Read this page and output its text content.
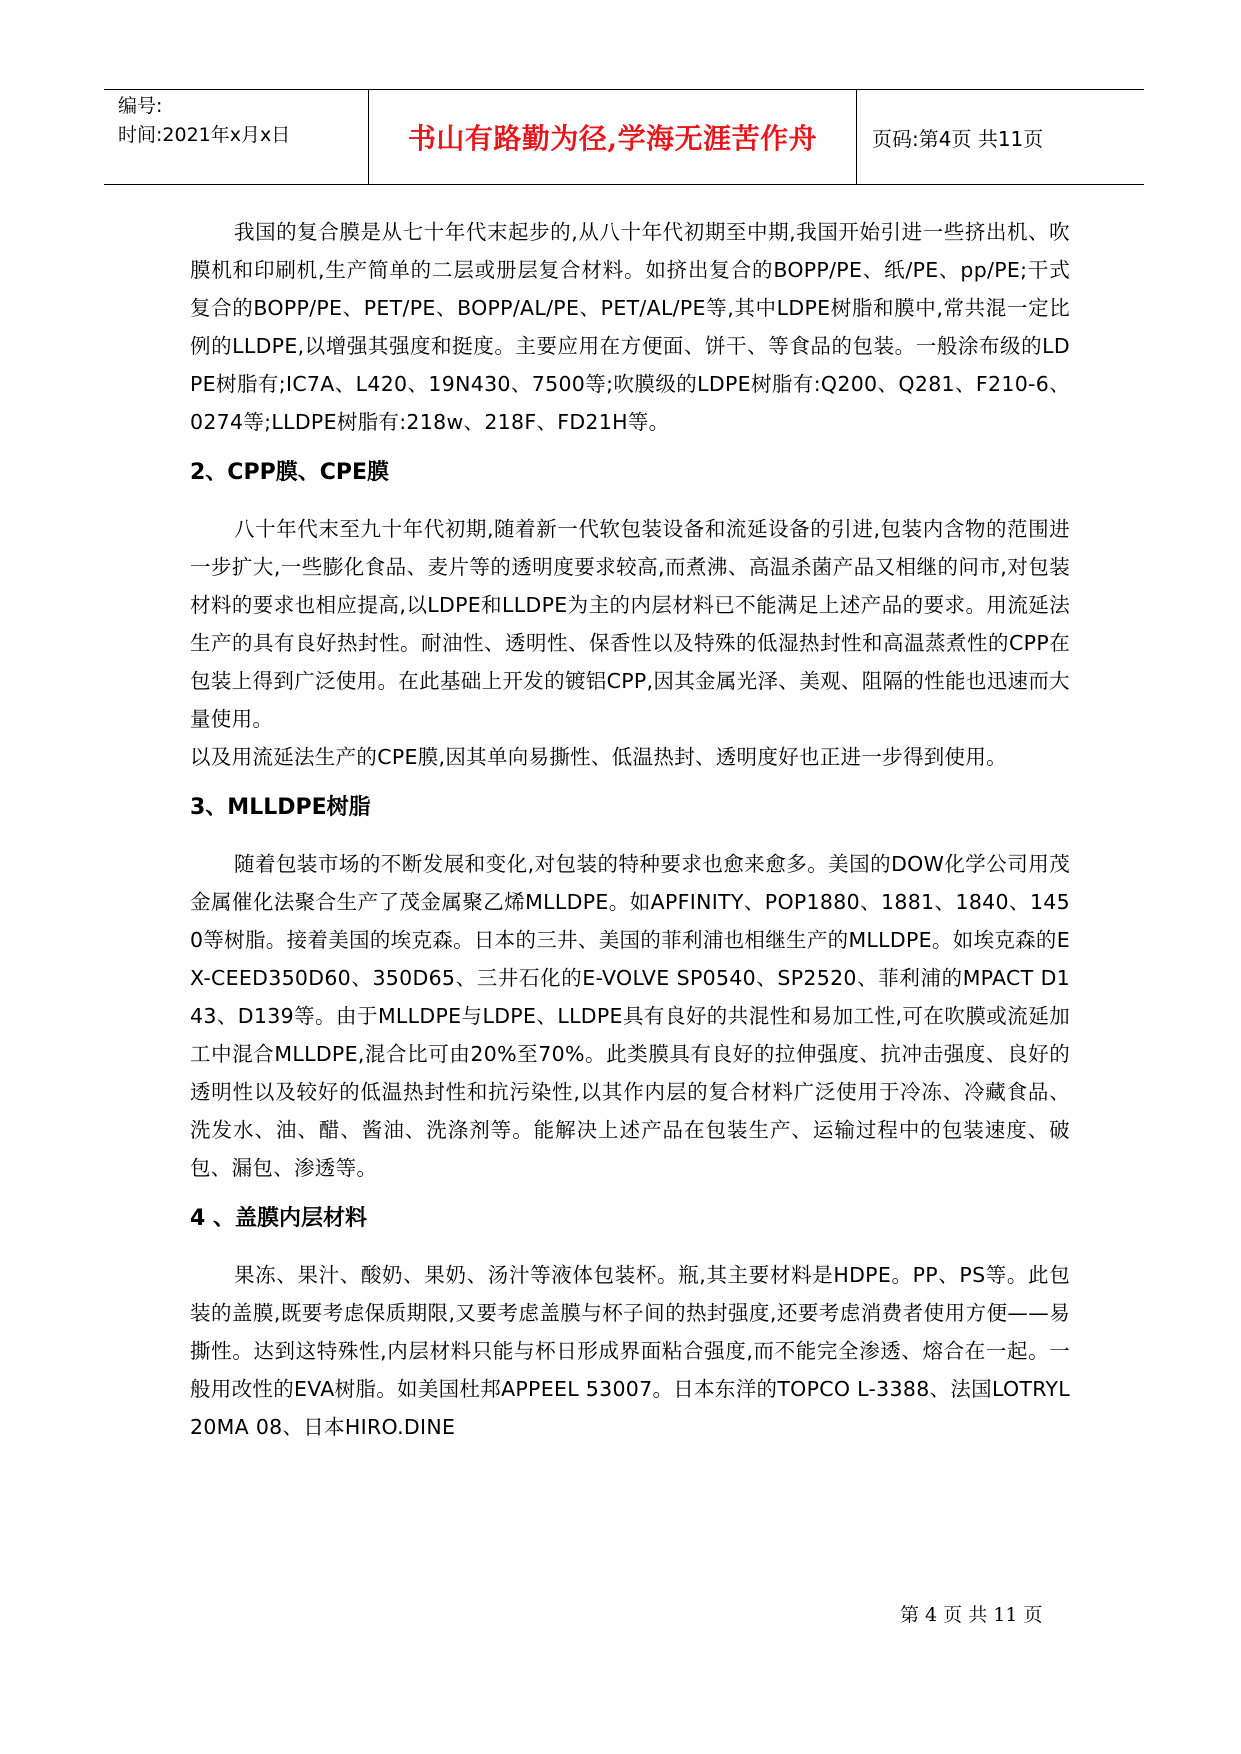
编号:
时间:2021年x月x日	书山有路勤为径,学海无涯苦作舟	页码:第4页 共11页

我国的复合膜是从七十年代末起步的,从八十年代初期至中期,我国开始引进一些挤出机、吹膜机和印刷机,生产简单的二层或册层复合材料。如挤出复合的BOPP/PE、纸/PE、pp/PE;干式复合的BOPP/PE、PET/PE、BOPP/AL/PE、PET/AL/PE等,其中LDPE树脂和膜中,常共混一定比例的LLDPE,以增强其强度和挺度。主要应用在方便面、饼干、等食品的包装。一般涂布级的LDPE树脂有;IC7A、L420、19N430、7500等;吹膜级的LDPE树脂有:Q200、Q281、F210-6、0274等;LLDPE树脂有:218w、218F、FD21H等。

2、CPP膜、CPE膜

八十年代末至九十年代初期,随着新一代软包装设备和流延设备的引进,包装内含物的范围进一步扩大,一些膨化食品、麦片等的透明度要求较高,而煮沸、高温杀菌产品又相继的问市,对包装材料的要求也相应提高,以LDPE和LLDPE为主的内层材料已不能满足上述产品的要求。用流延法生产的具有良好热封性。耐油性、透明性、保香性以及特殊的低湿热封性和高温蒸煮性的CPP在包装上得到广泛使用。在此基础上开发的镀铝CPP,因其金属光泽、美观、阻隔的性能也迅速而大量使用。

以及用流延法生产的CPE膜,因其单向易撕性、低温热封、透明度好也正进一步得到使用。

3、MLLDPE树脂

随着包装市场的不断发展和变化,对包装的特种要求也愈来愈多。美国的DOW化学公司用茂金属催化法聚合生产了茂金属聚乙烯MLLDPE。如APFINITY、POP1880、1881、1840、1450等树脂。接着美国的埃克森。日本的三井、美国的菲利浦也相继生产的MLLDPE。如埃克森的EX-CEED350D60、350D65、三井石化的E-VOLVE SP0540、SP2520、菲利浦的MPACT D143、D139等。由于MLLDPE与LDPE、LLDPE具有良好的共混性和易加工性,可在吹膜或流延加工中混合MLLDPE,混合比可由20%至70%。此类膜具有良好的拉伸强度、抗冲击强度、良好的透明性以及较好的低温热封性和抗污染性,以其作内层的复合材料广泛使用于冷冻、冷藏食品、洗发水、油、醋、酱油、洗涤剂等。能解决上述产品在包装生产、运输过程中的包装速度、破包、漏包、渗透等。

4 、盖膜内层材料

果冻、果汁、酸奶、果奶、汤汁等液体包装杯。瓶,其主要材料是HDPE。PP、PS等。此包装的盖膜,既要考虑保质期限,又要考虑盖膜与杯子间的热封强度,还要考虑消费者使用方便——易撕性。达到这特殊性,内层材料只能与杯日形成界面粘合强度,而不能完全渗透、熔合在一起。一般用改性的EVA树脂。如美国杜邦APPEEL 53007。日本东洋的TOPCO L-3388、法国LOTRYL 20MA 08、日本HIRO.DINE

第 4 页 共 11 页
